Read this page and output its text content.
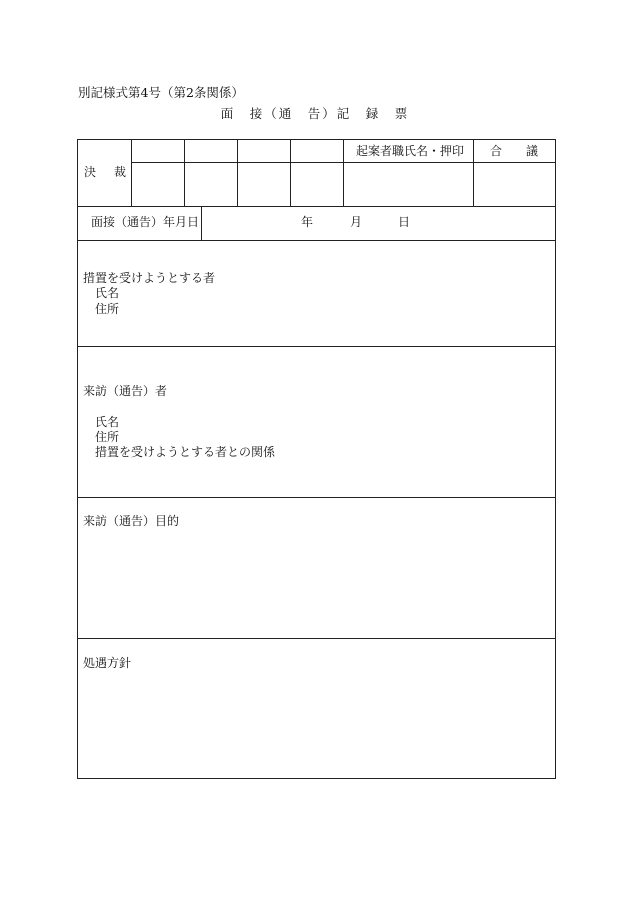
別記様式第4号（第2条関係）
面　接（通　告）記　録　票
決　裁
起案者職氏名・押印 合　　議
面接（通告）年月日	年	月	日
措置を受けようとする者
氏名
住所
来訪（通告）者
氏名
住所
措置を受けようとする者との関係
来訪（通告）目的
処遇方針
